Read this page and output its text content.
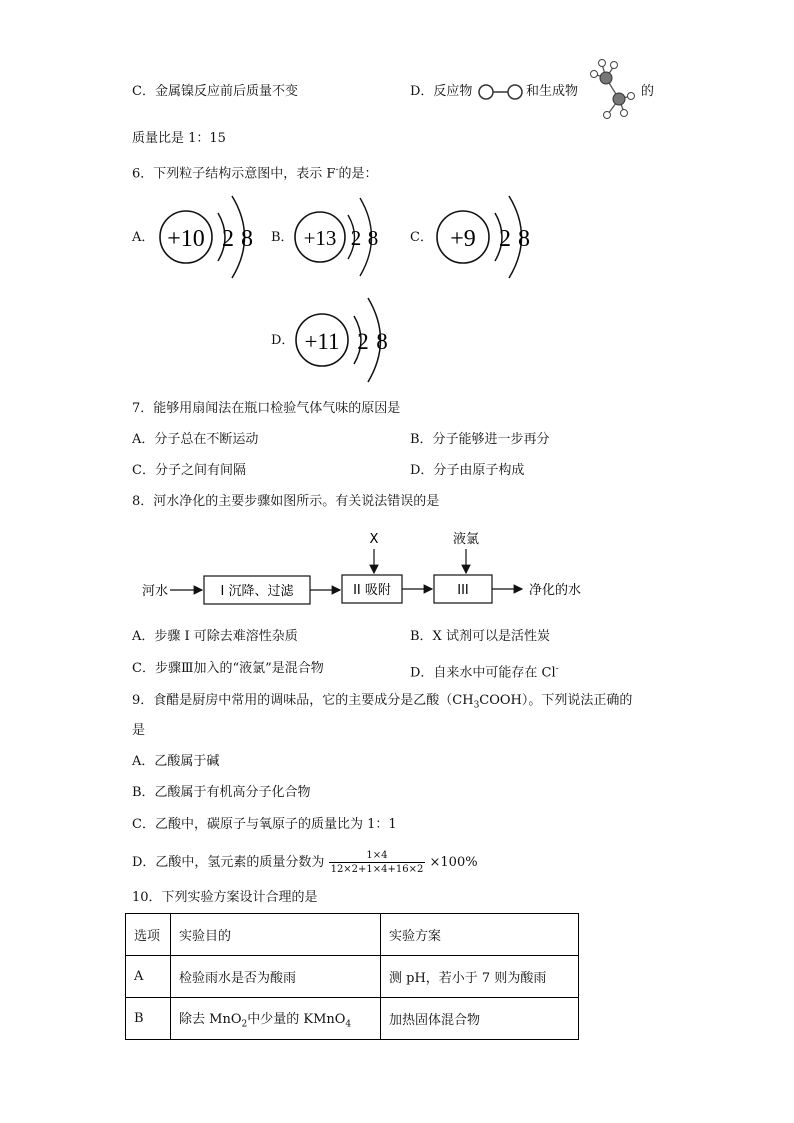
C．金属镍反应前后质量不变	D．反应物	和生成物	的
质量比是 1：15
6．下列粒子结构示意图中，表示 F-的是：
A． +10 2 8 B． +13 2 8 C． +9 2 8
D． +11 2 8
7．能够用扇闻法在瓶口检验气体气味的原因是
A．分子总在不断运动	B．分子能够进一步再分
C．分子之间有间隔	D．分子由原子构成
8．河水净化的主要步骤如图所示。有关说法错误的是
河水	I 沉降、过滤	II 吸附
X
III
液氯
净化的水
A．步骤 I 可除去难溶性杂质	B．X 试剂可以是活性炭
C．步骤Ⅲ加入的“液氯”是混合物	D．自来水中可能存在 Cl-
9．食醋是厨房中常用的调味品，它的主要成分是乙酸$(CH_3COOH)$。下列说法正确的
是
A．乙酸属于碱
B．乙酸属于有机高分子化合物
C．乙酸中，碳原子与氧原子的质量比为 1：1
D．乙酸中，氢元素的质量分数为 $\frac{1\times 4}{12\times 2+1\times 4+16\times 2} \times 100\%$
10．下列实验方案设计合理的是
选项	实验目的	实验方案
A	检验雨水是否为酸雨	测 pH，若小于 7 则为酸雨
B	除去 MnO$_2$中少量的 KMnO$_4$	加热固体混合物
